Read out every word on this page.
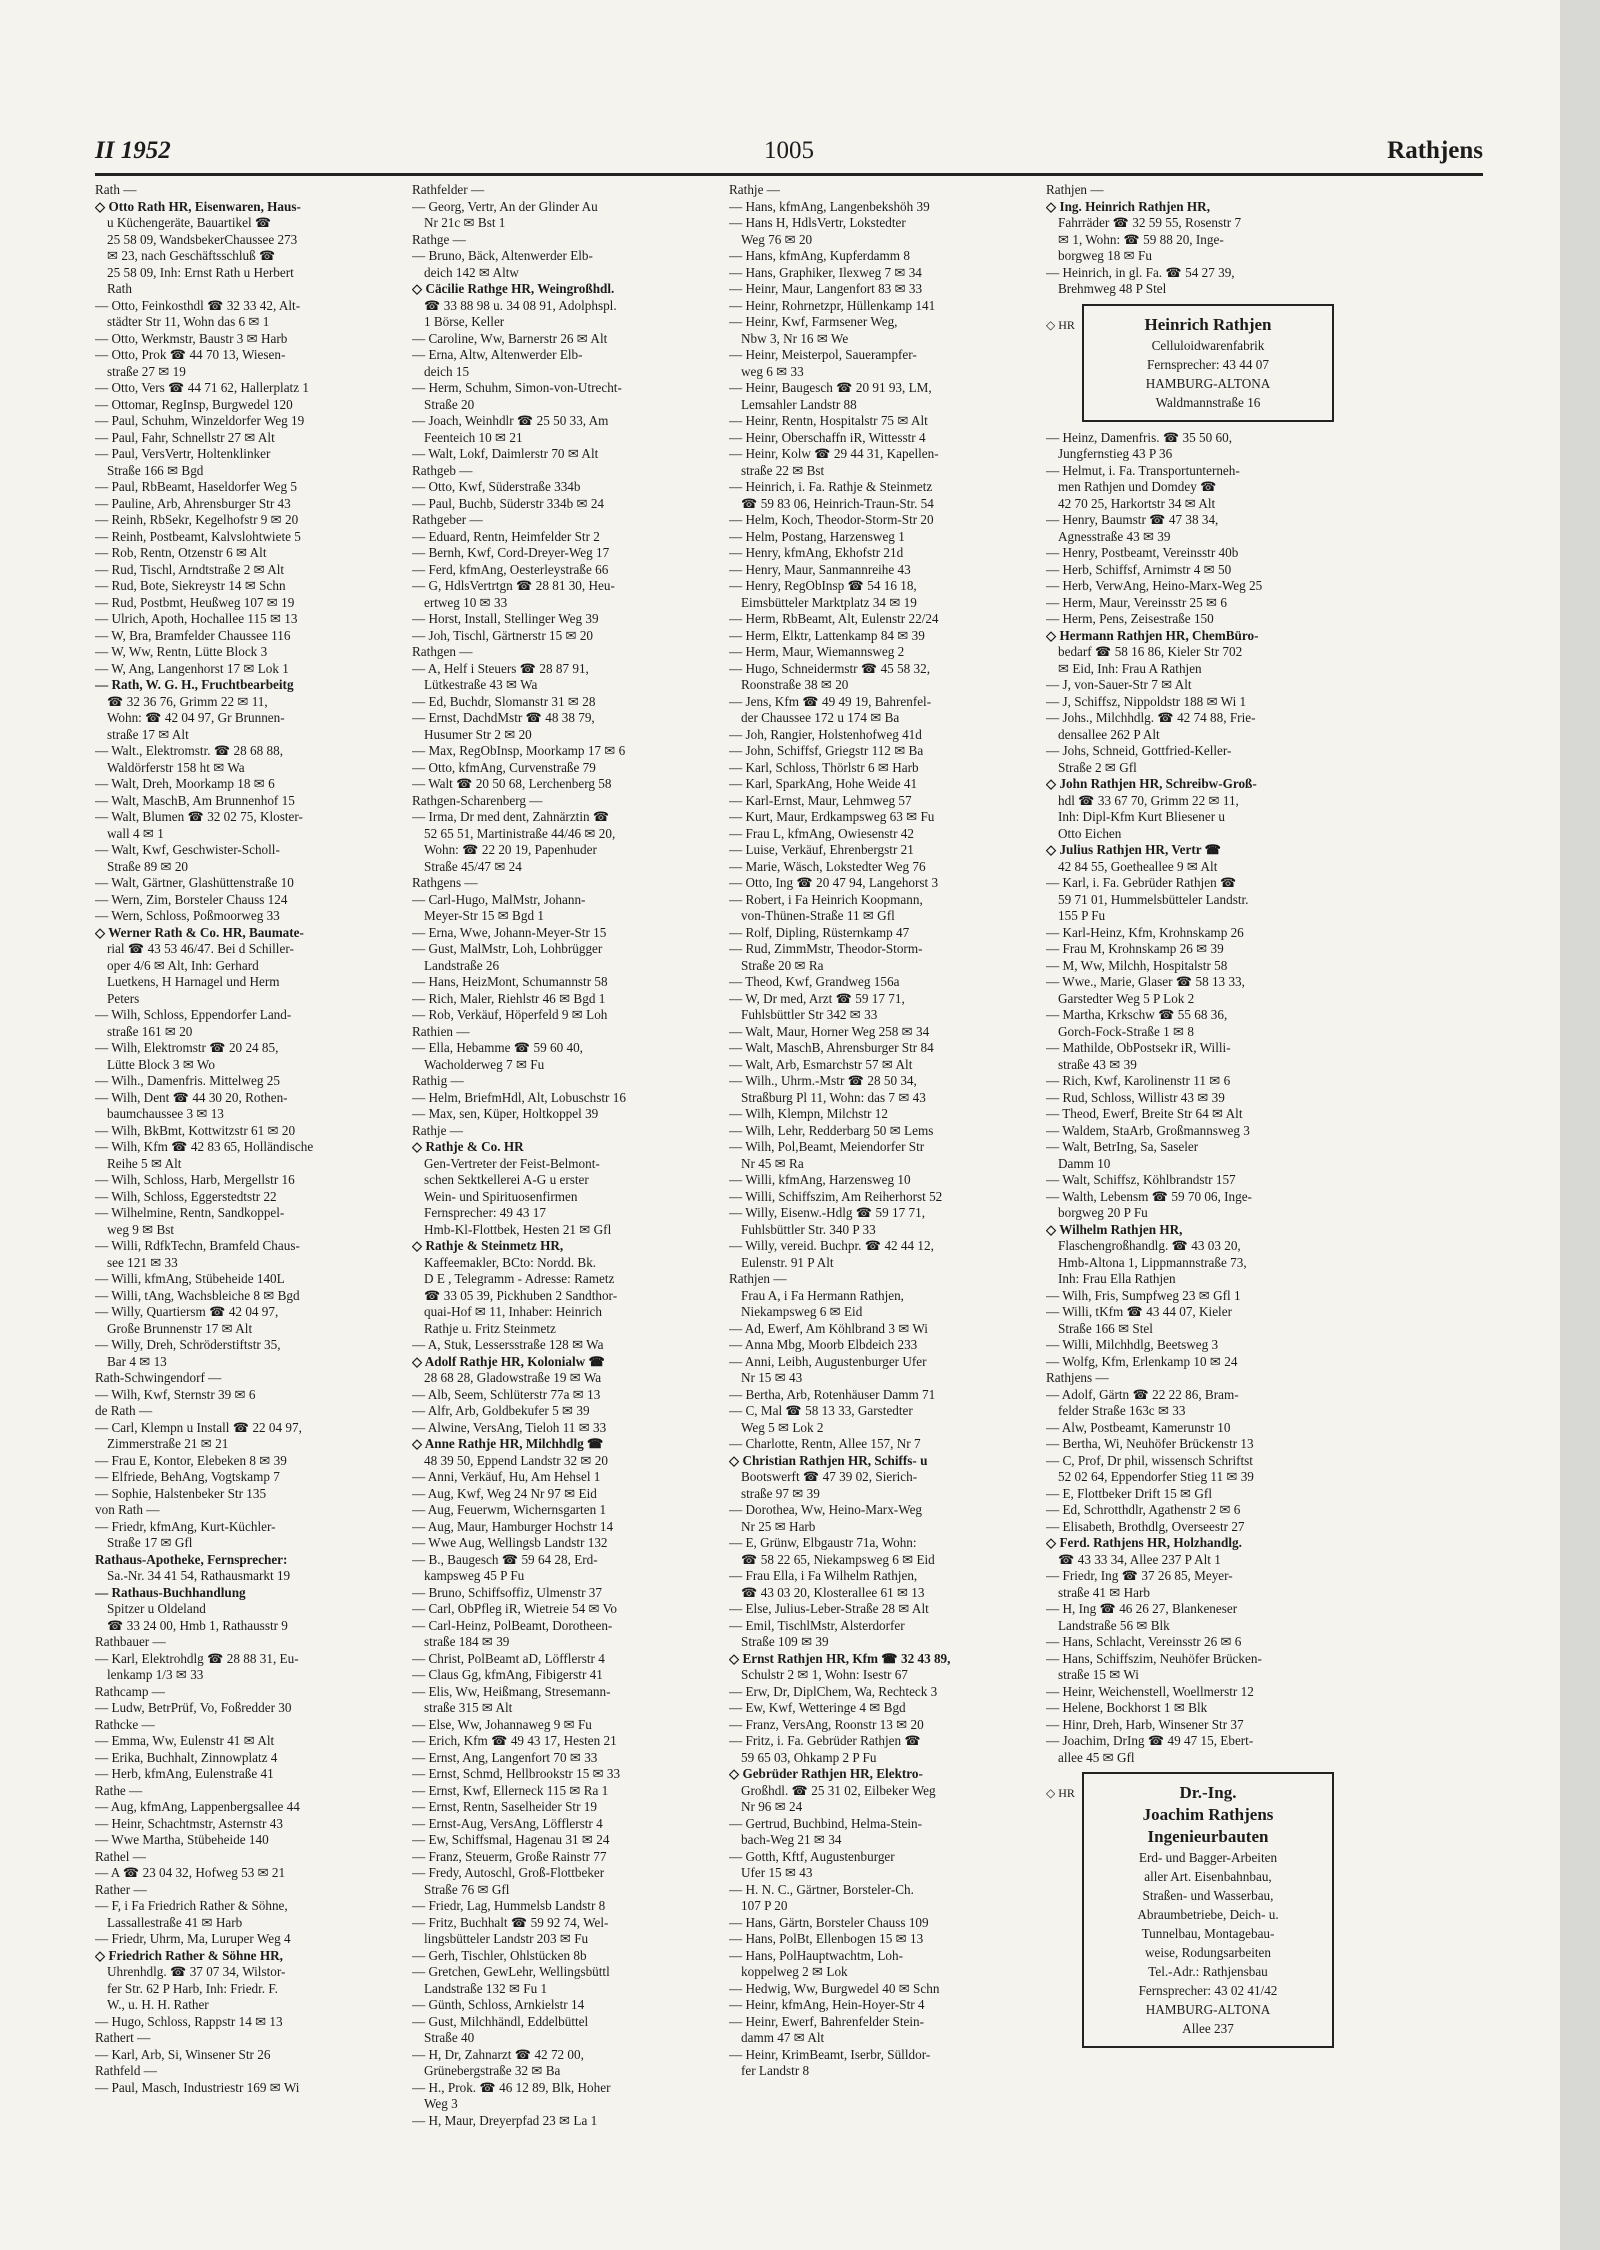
II 1952	1005	Rathjens
Rath —
◇ Otto Rath HR, Eisenwaren, Haus-
u Küchengeräte, Bauartikel ☎
25 58 09, WandsbekerChaussee 273
✉ 23, nach Geschäftsschluß ☎
25 58 09, Inh: Ernst Rath u Herbert
Rath
— Otto, Feinkosthdl ☎ 32 33 42, Alt-
städter Str 11, Wohn das 6 ✉ 1
— Otto, Werkmstr, Baustr 3 ✉ Harb
— Otto, Prok ☎ 44 70 13, Wiesen-
straße 27 ✉ 19
— Otto, Vers ☎ 44 71 62, Hallerplatz 1
— Ottomar, RegInsp, Burgwedel 120
— Paul, Schuhm, Winzeldorfer Weg 19
— Paul, Fahr, Schnellstr 27 ✉ Alt
— Paul, VersVertr, Holtenklinker
Straße 166 ✉ Bgd
— Paul, RbBeamt, Haseldorfer Weg 5
— Pauline, Arb, Ahrensburger Str 43
— Reinh, RbSekr, Kegelhofstr 9 ✉ 20
— Reinh, Postbeamt, Kalvslohtwiete 5
— Rob, Rentn, Otzenstr 6 ✉ Alt
— Rud, Tischl, Arndtstraße 2 ✉ Alt
— Rud, Bote, Siekreystr 14 ✉ Schn
— Rud, Postbmt, Heußweg 107 ✉ 19
— Ulrich, Apoth, Hochallee 115 ✉ 13
— W, Bra, Bramfelder Chaussee 116
— W, Ww, Rentn, Lütte Block 3
— W, Ang, Langenhorst 17 ✉ Lok 1
— Rath, W. G. H., Fruchtbearbeitg
☎ 32 36 76, Grimm 22 ✉ 11,
Wohn: ☎ 42 04 97, Gr Brunnen-
straße 17 ✉ Alt
— Walt., Elektromstr. ☎ 28 68 88,
Waldörferstr 158 ht ✉ Wa
— Walt, Dreh, Moorkamp 18 ✉ 6
— Walt, MaschB, Am Brunnenhof 15
— Walt, Blumen ☎ 32 02 75, Kloster-
wall 4 ✉ 1
— Walt, Kwf, Geschwister-Scholl-
Straße 89 ✉ 20
— Walt, Gärtner, Glashüttenstraße 10
— Wern, Zim, Borsteler Chauss 124
— Wern, Schloss, Poßmoorweg 33
◇ Werner Rath & Co. HR, Baumate-
rial ☎ 43 53 46/47. Bei d Schiller-
oper 4/6 ✉ Alt, Inh: Gerhard
Luetkens, H Harnagel und Herm
Peters
— Wilh, Schloss, Eppendorfer Land-
straße 161 ✉ 20
— Wilh, Elektromstr ☎ 20 24 85,
Lütte Block 3 ✉ Wo
— Wilh., Damenfris. Mittelweg 25
— Wilh, Dent ☎ 44 30 20, Rothen-
baumchaussee 3 ✉ 13
— Wilh, BkBmt, Kottwitzstr 61 ✉ 20
— Wilh, Kfm ☎ 42 83 65, Holländische
Reihe 5 ✉ Alt
— Wilh, Schloss, Harb, Mergellstr 16
— Wilh, Schloss, Eggerstedtstr 22
— Wilhelmine, Rentn, Sandkoppel-
weg 9 ✉ Bst
— Willi, RdfkTechn, Bramfeld Chaus-
see 121 ✉ 33
— Willi, kfmAng, Stübeheide 140L
— Willi, tAng, Wachsbleiche 8 ✉ Bgd
— Willy, Quartiersm ☎ 42 04 97,
Große Brunnenstr 17 ✉ Alt
— Willy, Dreh, Schröderstiftstr 35,
Bar 4 ✉ 13
Rath-Schwingendorf —
— Wilh, Kwf, Sternstr 39 ✉ 6
de Rath —
— Carl, Klempn u Install ☎ 22 04 97,
Zimmerstraße 21 ✉ 21
— Frau E, Kontor, Elebeken 8 ✉ 39
— Elfriede, BehAng, Vogtskamp 7
— Sophie, Halstenbeker Str 135
von Rath —
— Friedr, kfmAng, Kurt-Küchler-
Straße 17 ✉ Gfl
Rathaus-Apotheke, Fernsprecher:
Sa.-Nr. 34 41 54, Rathausmarkt 19
— Rathaus-Buchhandlung
Spitzer u Oldeland
☎ 33 24 00, Hmb 1, Rathausstr 9
Rathbauer —
— Karl, Elektrohdlg ☎ 28 88 31, Eu-
lenkamp 1/3 ✉ 33
Rathcamp —
— Ludw, BetrPrüf, Vo, Foßredder 30
Rathcke —
— Emma, Ww, Eulenstr 41 ✉ Alt
— Erika, Buchhalt, Zinnowplatz 4
— Herb, kfmAng, Eulenstraße 41
Rathe —
— Aug, kfmAng, Lappenbergsallee 44
— Heinr, Schachtmstr, Asternstr 43
— Wwe Martha, Stübeheide 140
Rathel —
— A ☎ 23 04 32, Hofweg 53 ✉ 21
Rather —
— F, i Fa Friedrich Rather & Söhne,
Lassallestraße 41 ✉ Harb
— Friedr, Uhrm, Ma, Luruper Weg 4
◇ Friedrich Rather & Söhne HR,
Uhrenhdlg. ☎ 37 07 34, Wilstor-
fer Str. 62 P Harb, Inh: Friedr. F.
W., u. H. H. Rather
— Hugo, Schloss, Rappstr 14 ✉ 13
Rathert —
— Karl, Arb, Si, Winsener Str 26
Rathfeld —
— Paul, Masch, Industriestr 169 ✉ Wi
Rathfelder —
— Georg, Vertr, An der Glinder Au
Nr 21c ✉ Bst 1
Rathge —
— Bruno, Bäck, Altenwerder Elb-
deich 142 ✉ Altw
◇ Cäcilie Rathge HR, Weingroßhdl.
☎ 33 88 98 u. 34 08 91, Adolphspl.
1 Börse, Keller
— Caroline, Ww, Barnerstr 26 ✉ Alt
— Erna, Altw, Altenwerder Elb-
deich 15
— Herm, Schuhm, Simon-von-Utrecht-
Straße 20
— Joach, Weinhdlr ☎ 25 50 33, Am
Feenteich 10 ✉ 21
— Walt, Lokf, Daimlerstr 70 ✉ Alt
Rathgeb —
— Otto, Kwf, Süderstraße 334b
— Paul, Buchb, Süderstr 334b ✉ 24
Rathgeber —
— Eduard, Rentn, Heimfelder Str 2
— Bernh, Kwf, Cord-Dreyer-Weg 17
— Ferd, kfmAng, Oesterleystraße 66
— G, HdlsVertrtgn ☎ 28 81 30, Heu-
ertweg 10 ✉ 33
— Horst, Install, Stellinger Weg 39
— Joh, Tischl, Gärtnerstr 15 ✉ 20
Rathgen —
— A, Helf i Steuers ☎ 28 87 91,
Lütkestraße 43 ✉ Wa
— Ed, Buchdr, Slomanstr 31 ✉ 28
— Ernst, DachdMstr ☎ 48 38 79,
Husumer Str 2 ✉ 20
— Max, RegObInsp, Moorkamp 17 ✉ 6
— Otto, kfmAng, Curvenstraße 79
— Walt ☎ 20 50 68, Lerchenberg 58
Rathgen-Scharenberg —
— Irma, Dr med dent, Zahnärztin ☎
52 65 51, Martinistraße 44/46 ✉ 20,
Wohn: ☎ 22 20 19, Papenhuder
Straße 45/47 ✉ 24
Rathgens —
— Carl-Hugo, MalMstr, Johann-
Meyer-Str 15 ✉ Bgd 1
— Erna, Wwe, Johann-Meyer-Str 15
— Gust, MalMstr, Loh, Lohbrügger
Landstraße 26
— Hans, HeizMont, Schumannstr 58
— Rich, Maler, Riehlstr 46 ✉ Bgd 1
— Rob, Verkäuf, Höperfeld 9 ✉ Loh
Rathien —
— Ella, Hebamme ☎ 59 60 40,
Wacholderweg 7 ✉ Fu
Rathig —
— Helm, BriefmHdl, Alt, Lobuschstr 16
— Max, sen, Küper, Holtkoppel 39
Rathje —
◇ Rathje & Co. HR
Gen-Vertreter der Feist-Belmont-
schen Sektkellerei A-G u erster
Wein- und Spirituosenfirmen
Fernsprecher: 49 43 17
Hmb-Kl-Flottbek, Hesten 21 ✉ Gfl
◇ Rathje & Steinmetz HR,
Kaffeemakler, BCto: Nordd. Bk.
D E , Telegramm - Adresse: Rametz
☎ 33 05 39, Pickhuben 2 Sandthor-
quai-Hof ✉ 11, Inhaber: Heinrich
Rathje u. Fritz Steinmetz
— A, Stuk, Lessersstraße 128 ✉ Wa
◇ Adolf Rathje HR, Kolonialw ☎
28 68 28, Gladowstraße 19 ✉ Wa
— Alb, Seem, Schlüterstr 77a ✉ 13
— Alfr, Arb, Goldbekufer 5 ✉ 39
— Alwine, VersAng, Tieloh 11 ✉ 33
◇ Anne Rathje HR, Milchhdlg ☎
48 39 50, Eppend Landstr 32 ✉ 20
— Anni, Verkäuf, Hu, Am Hehsel 1
— Aug, Kwf, Weg 24 Nr 97 ✉ Eid
— Aug, Feuerwm, Wichernsgarten 1
— Aug, Maur, Hamburger Hochstr 14
— Wwe Aug, Wellingsb Landstr 132
— B., Baugesch ☎ 59 64 28, Erd-
kampsweg 45 P Fu
— Bruno, Schiffsoffiz, Ulmenstr 37
— Carl, ObPfleg iR, Wietreie 54 ✉ Vo
— Carl-Heinz, PolBeamt, Dorotheen-
straße 184 ✉ 39
— Christ, PolBeamt aD, Löfflerstr 4
— Claus Gg, kfmAng, Fibigerstr 41
— Elis, Ww, Heißmang, Stresemann-
straße 315 ✉ Alt
— Else, Ww, Johannaweg 9 ✉ Fu
— Erich, Kfm ☎ 49 43 17, Hesten 21
— Ernst, Ang, Langenfort 70 ✉ 33
— Ernst, Schmd, Hellbrookstr 15 ✉ 33
— Ernst, Kwf, Ellerneck 115 ✉ Ra 1
— Ernst, Rentn, Saselheider Str 19
— Ernst-Aug, VersAng, Löfflerstr 4
— Ew, Schiffsmal, Hagenau 31 ✉ 24
— Franz, Steuerm, Große Rainstr 77
— Fredy, Autoschl, Groß-Flottbeker
Straße 76 ✉ Gfl
— Friedr, Lag, Hummelsb Landstr 8
— Fritz, Buchhalt ☎ 59 92 74, Wel-
lingsbütteler Landstr 203 ✉ Fu
— Gerh, Tischler, Ohlstücken 8b
— Gretchen, GewLehr, Wellingsbüttl
Landstraße 132 ✉ Fu 1
— Günth, Schloss, Arnkielstr 14
— Gust, Milchhändl, Eddelbüttel
Straße 40
— H, Dr, Zahnarzt ☎ 42 72 00,
Grünebergstraße 32 ✉ Ba
— H., Prok. ☎ 46 12 89, Blk, Hoher
Weg 3
— H, Maur, Dreyerpfad 23 ✉ La 1
Rathje —
— Hans, kfmAng, Langenbekshöh 39
— Hans H, HdlsVertr, Lokstedter
Weg 76 ✉ 20
— Hans, kfmAng, Kupferdamm 8
— Hans, Graphiker, Ilexweg 7 ✉ 34
— Heinr, Maur, Langenfort 83 ✉ 33
— Heinr, Rohrnetzpr, Hüllenkamp 141
— Heinr, Kwf, Farmsener Weg,
Nbw 3, Nr 16 ✉ We
— Heinr, Meisterpol, Sauerampfer-
weg 6 ✉ 33
— Heinr, Baugesch ☎ 20 91 93, LM,
Lemsahler Landstr 88
— Heinr, Rentn, Hospitalstr 75 ✉ Alt
— Heinr, Oberschaffn iR, Wittesstr 4
— Heinr, Kolw ☎ 29 44 31, Kapellen-
straße 22 ✉ Bst
— Heinrich, i. Fa. Rathje & Steinmetz
☎ 59 83 06, Heinrich-Traun-Str. 54
— Helm, Koch, Theodor-Storm-Str 20
— Helm, Postang, Harzensweg 1
— Henry, kfmAng, Ekhofstr 21d
— Henry, Maur, Sanmannreihe 43
— Henry, RegObInsp ☎ 54 16 18,
Eimsbütteler Marktplatz 34 ✉ 19
— Herm, RbBeamt, Alt, Eulenstr 22/24
— Herm, Elktr, Lattenkamp 84 ✉ 39
— Herm, Maur, Wiemannsweg 2
— Hugo, Schneidermstr ☎ 45 58 32,
Roonstraße 38 ✉ 20
— Jens, Kfm ☎ 49 49 19, Bahrenfel-
der Chaussee 172 u 174 ✉ Ba
— Joh, Rangier, Holstenhofweg 41d
— John, Schiffsf, Griegstr 112 ✉ Ba
— Karl, Schloss, Thörlstr 6 ✉ Harb
— Karl, SparkAng, Hohe Weide 41
— Karl-Ernst, Maur, Lehmweg 57
— Kurt, Maur, Erdkampsweg 63 ✉ Fu
— Frau L, kfmAng, Owiesenstr 42
— Luise, Verkäuf, Ehrenbergstr 21
— Marie, Wäsch, Lokstedter Weg 76
— Otto, Ing ☎ 20 47 94, Langehorst 3
— Robert, i Fa Heinrich Koopmann,
von-Thünen-Straße 11 ✉ Gfl
— Rolf, Dipling, Rüsternkamp 47
— Rud, ZimmMstr, Theodor-Storm-
Straße 20 ✉ Ra
— Theod, Kwf, Grandweg 156a
— W, Dr med, Arzt ☎ 59 17 71,
Fuhlsbüttler Str 342 ✉ 33
— Walt, Maur, Horner Weg 258 ✉ 34
— Walt, MaschB, Ahrensburger Str 84
— Walt, Arb, Esmarchstr 57 ✉ Alt
— Wilh., Uhrm.-Mstr ☎ 28 50 34,
Straßburg Pl 11, Wohn: das 7 ✉ 43
— Wilh, Klempn, Milchstr 12
— Wilh, Lehr, Redderbarg 50 ✉ Lems
— Wilh, Pol,Beamt, Meiendorfer Str
Nr 45 ✉ Ra
— Willi, kfmAng, Harzensweg 10
— Willi, Schiffszim, Am Reiherhorst 52
— Willy, Eisenw.-Hdlg ☎ 59 17 71,
Fuhlsbüttler Str. 340 P 33
— Willy, vereid. Buchpr. ☎ 42 44 12,
Eulenstr. 91 P Alt
Rathjen —
Frau A, i Fa Hermann Rathjen,
Niekampsweg 6 ✉ Eid
— Ad, Ewerf, Am Köhlbrand 3 ✉ Wi
— Anna Mbg, Moorb Elbdeich 233
— Anni, Leibh, Augustenburger Ufer
Nr 15 ✉ 43
— Bertha, Arb, Rotenhäuser Damm 71
— C, Mal ☎ 58 13 33, Garstedter
Weg 5 ✉ Lok 2
— Charlotte, Rentn, Allee 157, Nr 7
◇ Christian Rathjen HR, Schiffs- u
Bootswerft ☎ 47 39 02, Sierich-
straße 97 ✉ 39
— Dorothea, Ww, Heino-Marx-Weg
Nr 25 ✉ Harb
— E, Grünw, Elbgaustr 71a, Wohn:
☎ 58 22 65, Niekampsweg 6 ✉ Eid
— Frau Ella, i Fa Wilhelm Rathjen,
☎ 43 03 20, Klosterallee 61 ✉ 13
— Else, Julius-Leber-Straße 28 ✉ Alt
— Emil, TischlMstr, Alsterdorfer
Straße 109 ✉ 39
◇ Ernst Rathjen HR, Kfm ☎ 32 43 89,
Schulstr 2 ✉ 1, Wohn: Isestr 67
— Erw, Dr, DiplChem, Wa, Rechteck 3
— Ew, Kwf, Wetteringe 4 ✉ Bgd
— Franz, VersAng, Roonstr 13 ✉ 20
— Fritz, i. Fa. Gebrüder Rathjen ☎
59 65 03, Ohkamp 2 P Fu
◇ Gebrüder Rathjen HR, Elektro-
Großhdl. ☎ 25 31 02, Eilbeker Weg
Nr 96 ✉ 24
— Gertrud, Buchbind, Helma-Stein-
bach-Weg 21 ✉ 34
— Gotth, Kftf, Augustenburger
Ufer 15 ✉ 43
— H. N. C., Gärtner, Borsteler-Ch.
107 P 20
— Hans, Gärtn, Borsteler Chauss 109
— Hans, PolBt, Ellenbogen 15 ✉ 13
— Hans, PolHauptwachtm, Loh-
koppelweg 2 ✉ Lok
— Hedwig, Ww, Burgwedel 40 ✉ Schn
— Heinr, kfmAng, Hein-Hoyer-Str 4
— Heinr, Ewerf, Bahrenfelder Stein-
damm 47 ✉ Alt
— Heinr, KrimBeamt, Iserbr, Sülldor-
fer Landstr 8
Rathjen —
◇ Ing. Heinrich Rathjen HR,
Fahrräder ☎ 32 59 55, Rosenstr 7
✉ 1, Wohn: ☎ 59 88 20, Inge-
borgweg 18 ✉ Fu
— Heinrich, in gl. Fa. ☎ 54 27 39,
Brehmweg 48 P Stel
◇ HR	Heinrich Rathjen
Celluloidwarenfabrik
Fernsprecher: 43 44 07
HAMBURG-ALTONA
Waldmannstraße 16
— Heinz, Damenfris. ☎ 35 50 60,
Jungfernstieg 43 P 36
— Helmut, i. Fa. Transportunterneh-
men Rathjen und Domdey ☎
42 70 25, Harkortstr 34 ✉ Alt
— Henry, Baumstr ☎ 47 38 34,
Agnesstraße 43 ✉ 39
— Henry, Postbeamt, Vereinsstr 40b
— Herb, Schiffsf, Arnimstr 4 ✉ 50
— Herb, VerwAng, Heino-Marx-Weg 25
— Herm, Maur, Vereinsstr 25 ✉ 6
— Herm, Pens, Zeisestraße 150
◇ Hermann Rathjen HR, ChemBüro-
bedarf ☎ 58 16 86, Kieler Str 702
✉ Eid, Inh: Frau A Rathjen
— J, von-Sauer-Str 7 ✉ Alt
— J, Schiffsz, Nippoldstr 188 ✉ Wi 1
— Johs., Milchhdlg. ☎ 42 74 88, Frie-
densallee 262 P Alt
— Johs, Schneid, Gottfried-Keller-
Straße 2 ✉ Gfl
◇ John Rathjen HR, Schreibw-Groß-
hdl ☎ 33 67 70, Grimm 22 ✉ 11,
Inh: Dipl-Kfm Kurt Bliesener u
Otto Eichen
◇ Julius Rathjen HR, Vertr ☎
42 84 55, Goetheallee 9 ✉ Alt
— Karl, i. Fa. Gebrüder Rathjen ☎
59 71 01, Hummelsbütteler Landstr.
155 P Fu
— Karl-Heinz, Kfm, Krohnskamp 26
— Frau M, Krohnskamp 26 ✉ 39
— M, Ww, Milchh, Hospitalstr 58
— Wwe., Marie, Glaser ☎ 58 13 33,
Garstedter Weg 5 P Lok 2
— Martha, Krkschw ☎ 55 68 36,
Gorch-Fock-Straße 1 ✉ 8
— Mathilde, ObPostsekr iR, Willi-
straße 43 ✉ 39
— Rich, Kwf, Karolinenstr 11 ✉ 6
— Rud, Schloss, Willistr 43 ✉ 39
— Theod, Ewerf, Breite Str 64 ✉ Alt
— Waldem, StaArb, Großmannsweg 3
— Walt, BetrIng, Sa, Saseler
Damm 10
— Walt, Schiffsz, Köhlbrandstr 157
— Walth, Lebensm ☎ 59 70 06, Inge-
borgweg 20 P Fu
◇ Wilhelm Rathjen HR,
Flaschengroßhandlg. ☎ 43 03 20,
Hmb-Altona 1, Lippmannstraße 73,
Inh: Frau Ella Rathjen
— Wilh, Fris, Sumpfweg 23 ✉ Gfl 1
— Willi, tKfm ☎ 43 44 07, Kieler
Straße 166 ✉ Stel
— Willi, Milchhdlg, Beetsweg 3
— Wolfg, Kfm, Erlenkamp 10 ✉ 24
Rathjens —
— Adolf, Gärtn ☎ 22 22 86, Bram-
felder Straße 163c ✉ 33
— Alw, Postbeamt, Kamerunstr 10
— Bertha, Wi, Neuhöfer Brückenstr 13
— C, Prof, Dr phil, wissensch Schriftst
52 02 64, Eppendorfer Stieg 11 ✉ 39
— E, Flottbeker Drift 15 ✉ Gfl
— Ed, Schrotthdlr, Agathenstr 2 ✉ 6
— Elisabeth, Brothdlg, Overseestr 27
◇ Ferd. Rathjens HR, Holzhandlg.
☎ 43 33 34, Allee 237 P Alt 1
— Friedr, Ing ☎ 37 26 85, Meyer-
straße 41 ✉ Harb
— H, Ing ☎ 46 26 27, Blankeneser
Landstraße 56 ✉ Blk
— Hans, Schlacht, Vereinsstr 26 ✉ 6
— Hans, Schiffszim, Neuhöfer Brücken-
straße 15 ✉ Wi
— Heinr, Weichenstell, Woellmerstr 12
— Helene, Bockhorst 1 ✉ Blk
— Hinr, Dreh, Harb, Winsener Str 37
— Joachim, DrIng ☎ 49 47 15, Ebert-
allee 45 ✉ Gfl
◇ HR	Dr.-Ing.
Joachim Rathjens
Ingenieurbauten
Erd- und Bagger-Arbeiten
aller Art. Eisenbahnbau,
Straßen- und Wasserbau,
Abraumbetriebe, Deich- u.
Tunnelbau, Montagebau-
weise, Rodungsarbeiten
Tel.-Adr.: Rathjensbau
Fernsprecher: 43 02 41/42
HAMBURG-ALTONA
Allee 237
